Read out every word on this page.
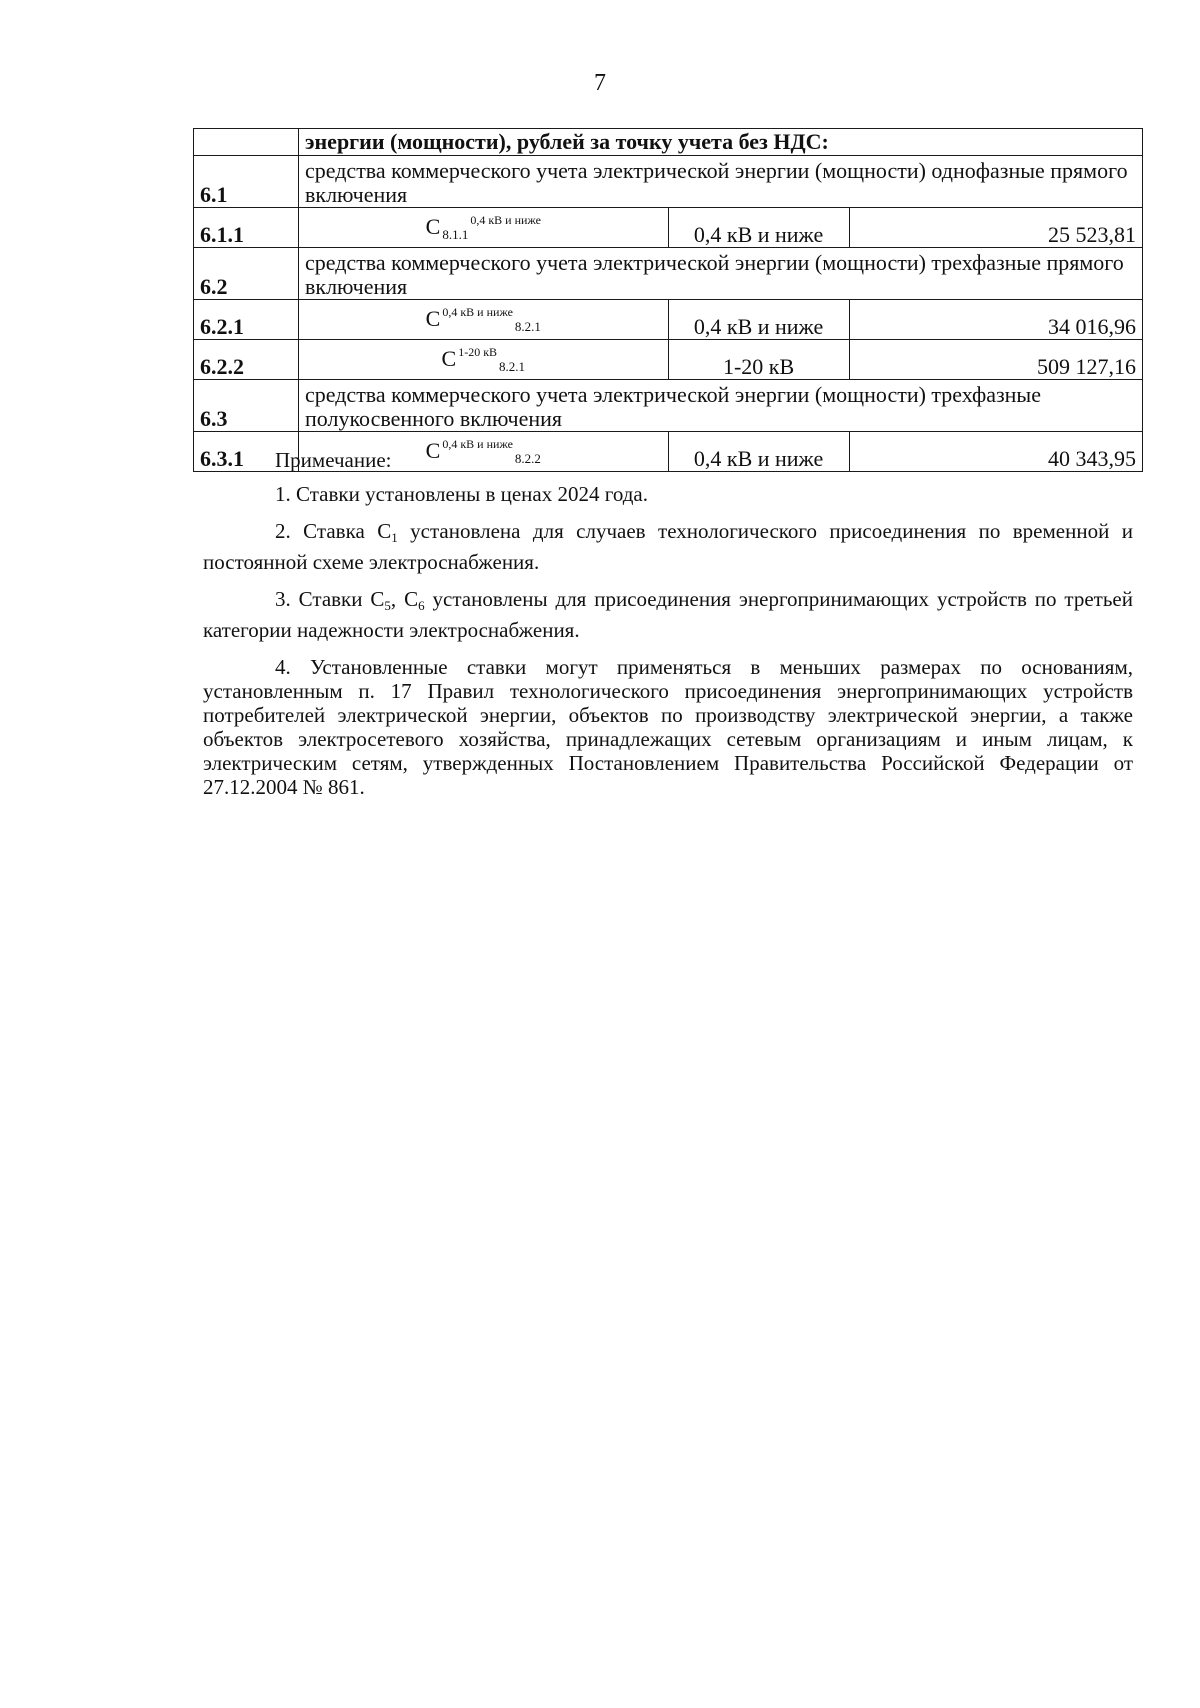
7
	энергии (мощности), рублей за точку учета без НДС:		
6.1	средства коммерческого учета электрической энергии (мощности) однофазные прямого включения		
6.1.1	C $_{8.1.1}^{0,4 кВ и ниже}$	0,4 кВ и ниже	25 523,81
6.2	средства коммерческого учета электрической энергии (мощности) трехфазные прямого включения		
6.2.1	C $^{0,4 кВ и ниже}_{8.2.1}$	0,4 кВ и ниже	34 016,96
6.2.2	C $^{1-20 кВ}_{8.2.1}$	1-20 кВ	509 127,16
6.3	средства коммерческого учета электрической энергии (мощности) трехфазные полукосвенного включения		
6.3.1	C $^{0,4 кВ и ниже}_{8.2.2}$	0,4 кВ и ниже	40 343,95

Примечание:

1. Ставки установлены в ценах 2024 года.

2. Ставка C1 установлена для случаев технологического присоединения по временной и постоянной схеме электроснабжения.

3. Ставки C5, C6 установлены для присоединения энергопринимающих устройств по третьей категории надежности электроснабжения.

4. Установленные ставки могут применяться в меньших размерах по основаниям, установленным п. 17 Правил технологического присоединения энергопринимающих устройств потребителей электрической энергии, объектов по производству электрической энергии, а также объектов электросетевого хозяйства, принадлежащих сетевым организациям и иным лицам, к электрическим сетям, утвержденных Постановлением Правительства Российской Федерации от 27.12.2004 № 861.
